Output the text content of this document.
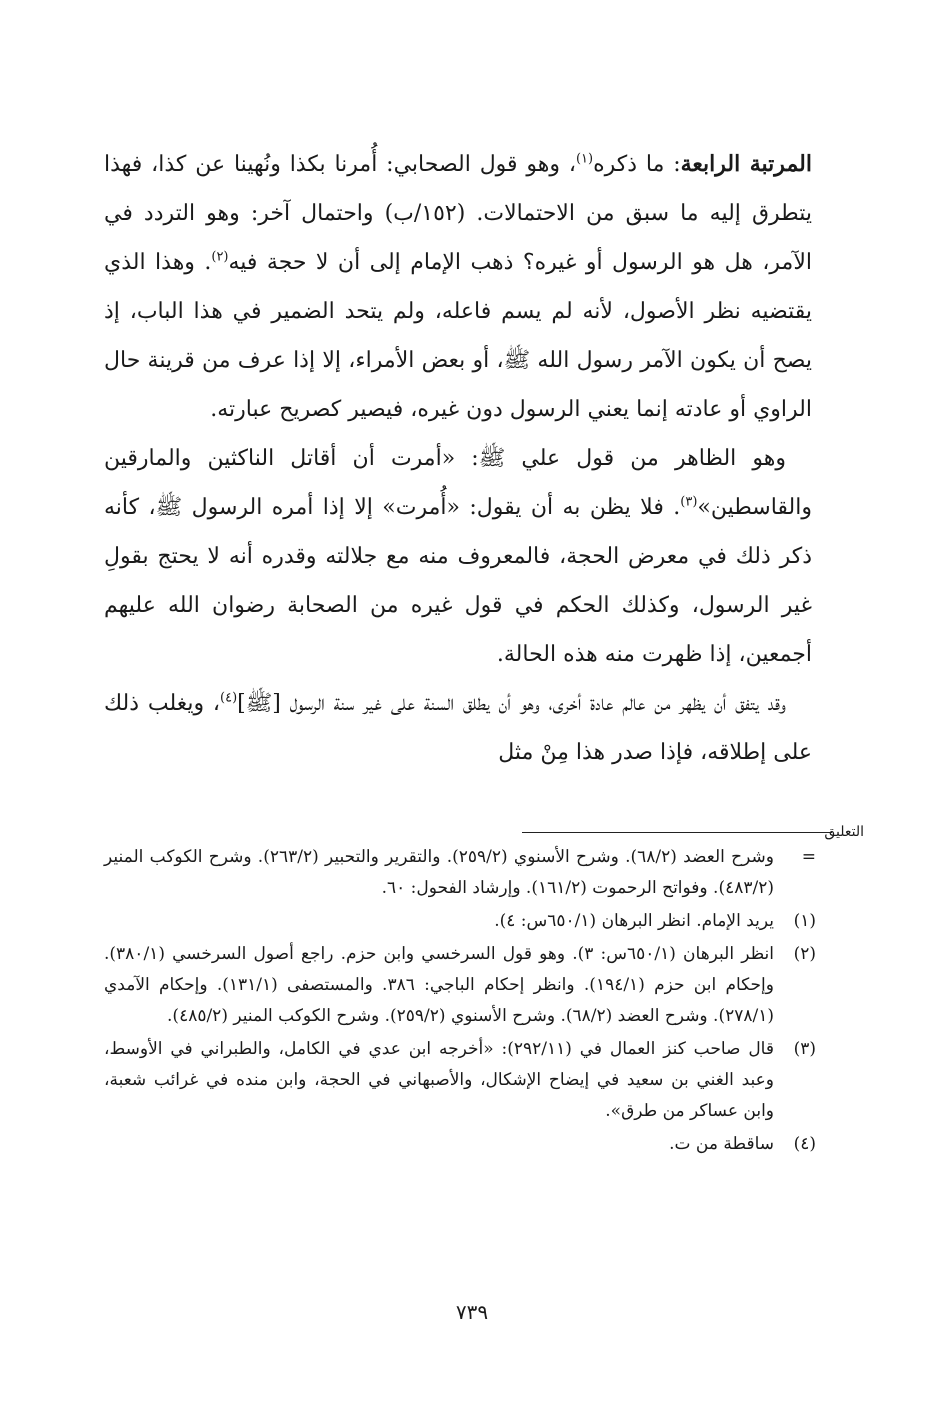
المرتبة الرابعة: ما ذكره$^{(١)}$، وهو قول الصحابي: أُمرنا بكذا ونُهينا عن كذا، فهذا يتطرق إليه ما سبق من الاحتمالات. (١٥٢/ب) واحتمال آخر: وهو التردد في الآمر، هل هو الرسول أو غيره؟ ذهب الإمام إلى أن لا حجة فيه$^{(٢)}$. وهذا الذي يقتضيه نظر الأصول، لأنه لم يسم فاعله، ولم يتحد الضمير في هذا الباب، إذ يصح أن يكون الآمر رسول الله ﷺ، أو بعض الأمراء، إلا إذا عرف من قرينة حال الراوي أو عادته إنما يعني الرسول دون غيره، فيصير كصريح عبارته.

وهو الظاهر من قول علي ﷺ: «أمرت أن أقاتل الناكثين والمارقين والقاسطين»$^{(٣)}$. فلا يظن به أن يقول: «أُمرت» إلا إذا أمره الرسول ﷺ، كأنه ذكر ذلك في معرض الحجة، فالمعروف منه مع جلالته وقدره أنه لا يحتج بقولِ غير الرسول، وكذلك الحكم في قول غيره من الصحابة رضوان الله عليهم أجمعين، إذا ظهرت منه هذه الحالة.

وقد يتفق أن يظهر من عالم عادة أخرى، وهو أن يطلق السنة على غير سنة الرسول [ﷺ]$^{(٤)}$، ويغلب ذلك على إطلاقه، فإذا صدر هذا مِنْ مثل

التعليق
=
وشرح العضد (٦٨/٢). وشرح الأسنوي (٢٥٩/٢). والتقرير والتحبير (٢٦٣/٢). وشرح الكوكب المنير (٤٨٣/٢). وفواتح الرحموت (١٦١/٢). وإرشاد الفحول: ٦٠.
(١)
يريد الإمام. انظر البرهان (٦٥٠/١س: ٤).
(٢)
انظر البرهان (٦٥٠/١س: ٣). وهو قول السرخسي وابن حزم. راجع أصول السرخسي (٣٨٠/١). وإحكام ابن حزم (١٩٤/١). وانظر إحكام الباجي: ٣٨٦. والمستصفى (١٣١/١). وإحكام الآمدي (٢٧٨/١). وشرح العضد (٦٨/٢). وشرح الأسنوي (٢٥٩/٢). وشرح الكوكب المنير (٤٨٥/٢).
(٣)
قال صاحب كنز العمال في (٢٩٢/١١): «أخرجه ابن عدي في الكامل، والطبراني في الأوسط، وعبد الغني بن سعيد في إيضاح الإشكال، والأصبهاني في الحجة، وابن منده في غرائب شعبة، وابن عساكر من طرق».
(٤)
ساقطة من ت.
٧٣٩
